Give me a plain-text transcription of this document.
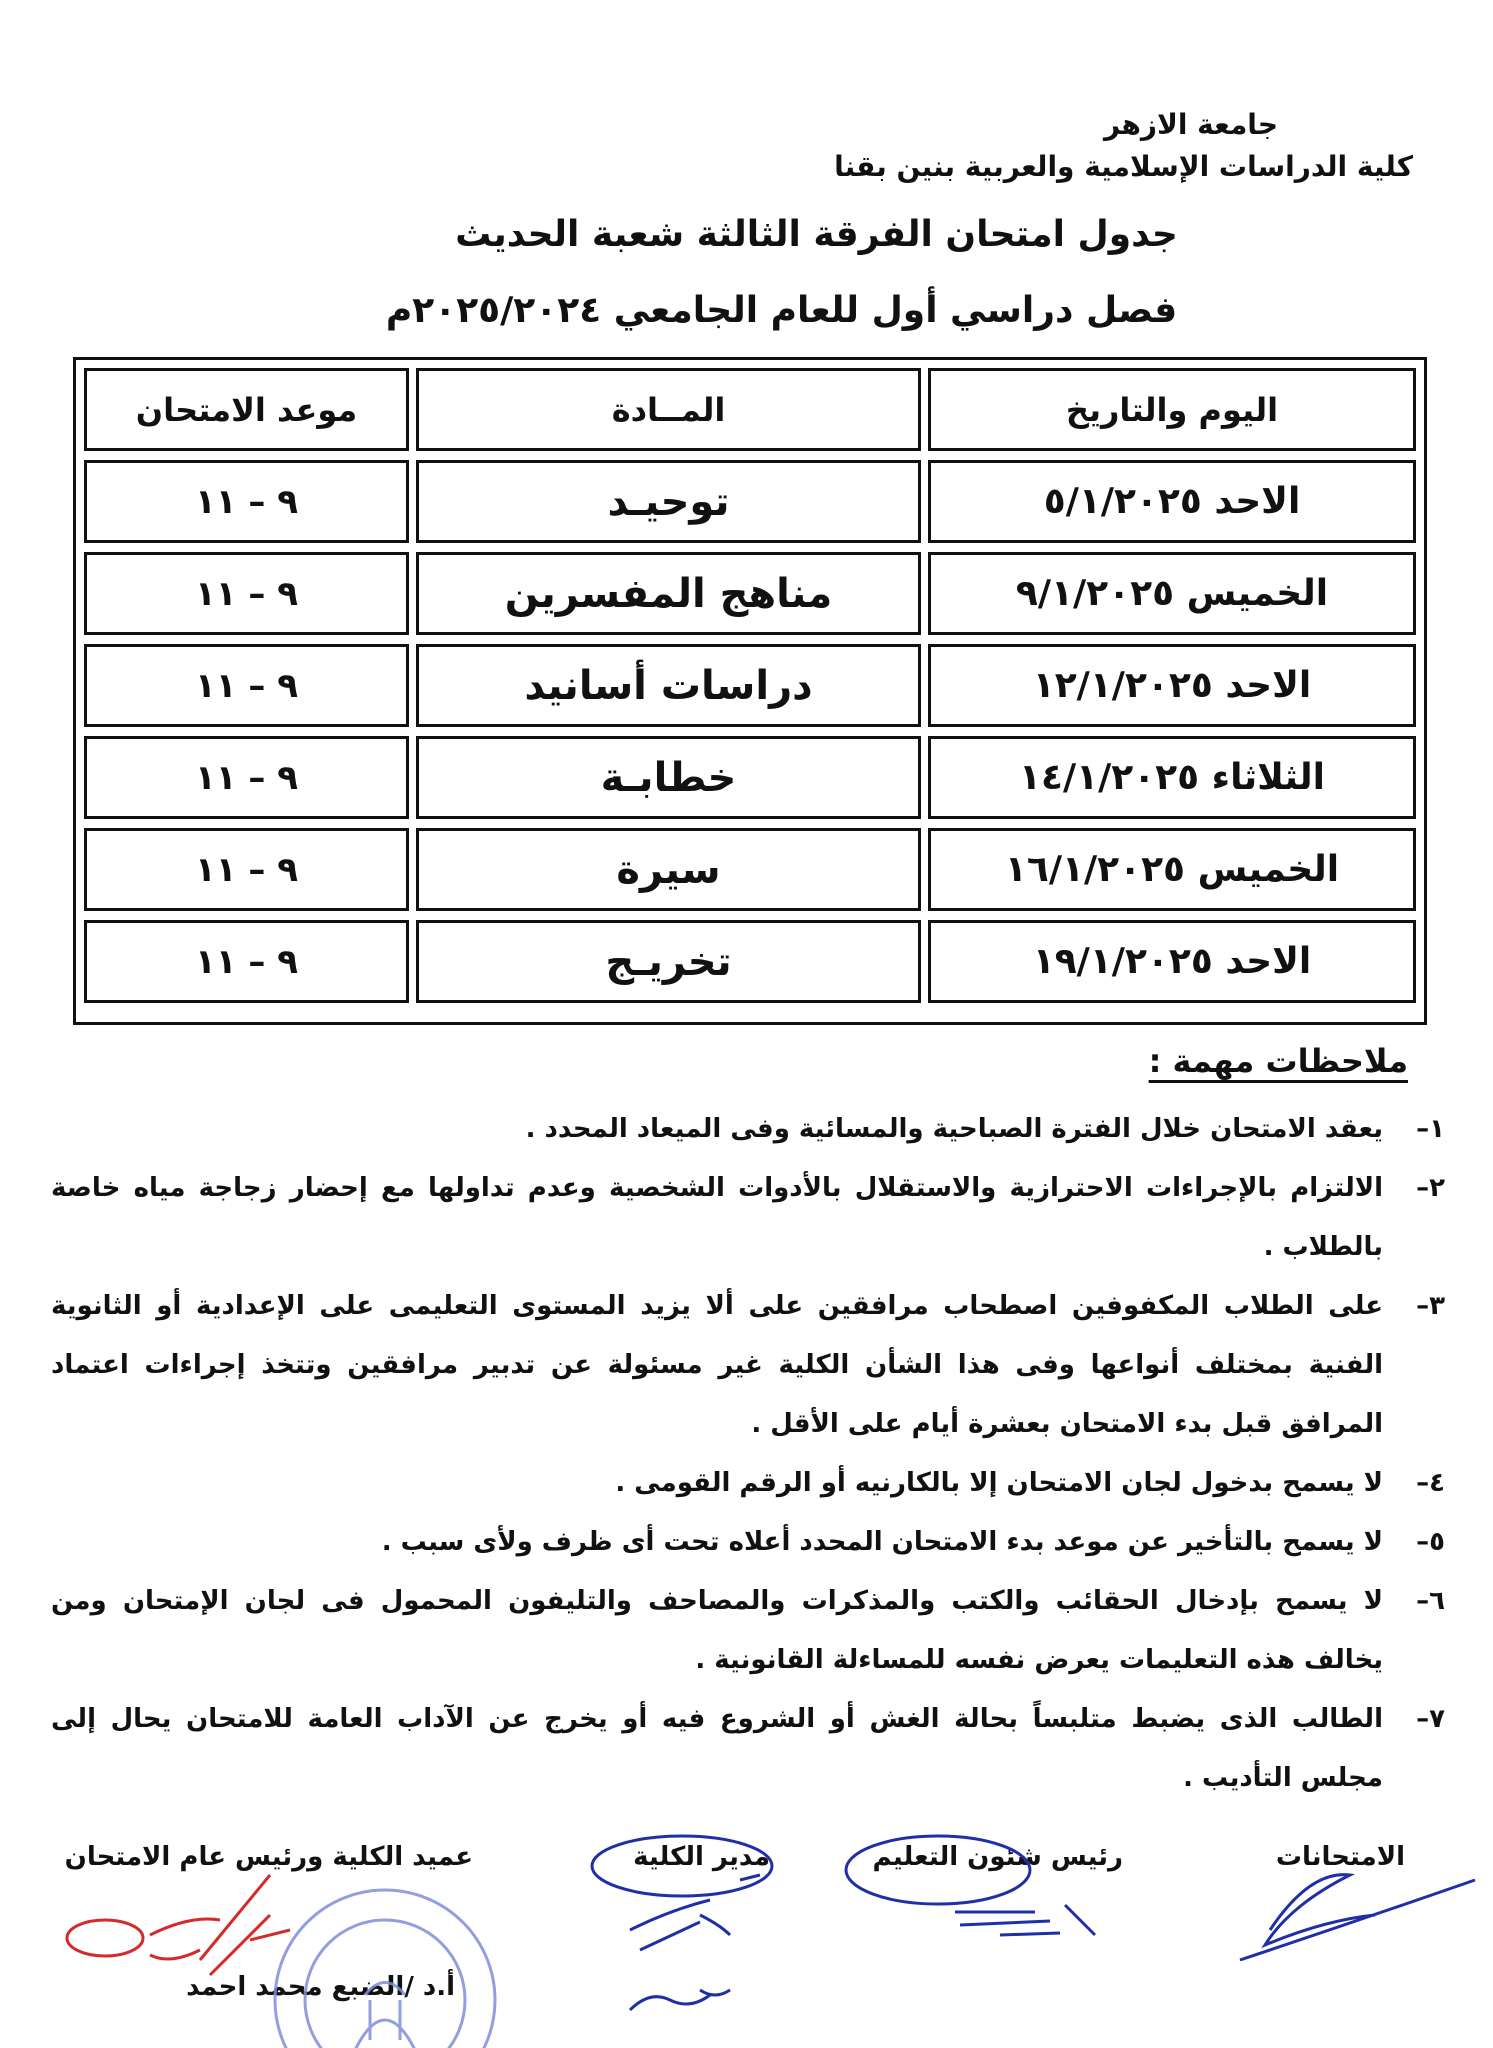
جامعة الازهر
كلية الدراسات الإسلامية والعربية بنين بقنا
جدول امتحان الفرقة الثالثة شعبة الحديث
فصل دراسي أول للعام الجامعي ٢٠٢٥/٢٠٢٤م
اليوم والتاريخ
المــادة
موعد الامتحان
الاحد ٥/١/٢٠٢٥
توحيـد
٩ – ١١
الخميس ٩/١/٢٠٢٥
مناهج المفسرين
٩ – ١١
الاحد ١٢/١/٢٠٢٥
دراسات أسانيد
٩ – ١١
الثلاثاء ١٤/١/٢٠٢٥
خطابـة
٩ – ١١
الخميس ١٦/١/٢٠٢٥
سيرة
٩ – ١١
الاحد ١٩/١/٢٠٢٥
تخريـج
٩ – ١١
ملاحظات مهمة :
١–
يعقد الامتحان خلال الفترة الصباحية والمسائية وفى الميعاد المحدد .
٢–
الالتزام بالإجراءات الاحترازية والاستقلال بالأدوات الشخصية وعدم تداولها مع إحضار زجاجة مياه خاصة بالطلاب .
٣–
على الطلاب المكفوفين اصطحاب مرافقين على ألا يزيد المستوى التعليمى على الإعدادية أو الثانوية الفنية بمختلف أنواعها وفى هذا الشأن الكلية غير مسئولة عن تدبير مرافقين وتتخذ إجراءات اعتماد المرافق قبل بدء الامتحان بعشرة أيام على الأقل .
٤–
لا يسمح بدخول لجان الامتحان إلا بالكارنيه أو الرقم القومى .
٥–
لا يسمح بالتأخير عن موعد بدء الامتحان المحدد أعلاه تحت أى ظرف ولأى سبب .
٦–
لا يسمح بإدخال الحقائب والكتب والمذكرات والمصاحف والتليفون المحمول فى لجان الإمتحان ومن يخالف هذه التعليمات يعرض نفسه للمساءلة القانونية .
٧–
الطالب الذى يضبط متلبساً بحالة الغش أو الشروع فيه أو يخرج عن الآداب العامة للامتحان يحال إلى مجلس التأديب .
الامتحانات
رئيس شئون التعليم
مدير الكلية
عميد الكلية ورئيس عام الامتحان
أ.د /الضبع محمد احمد
